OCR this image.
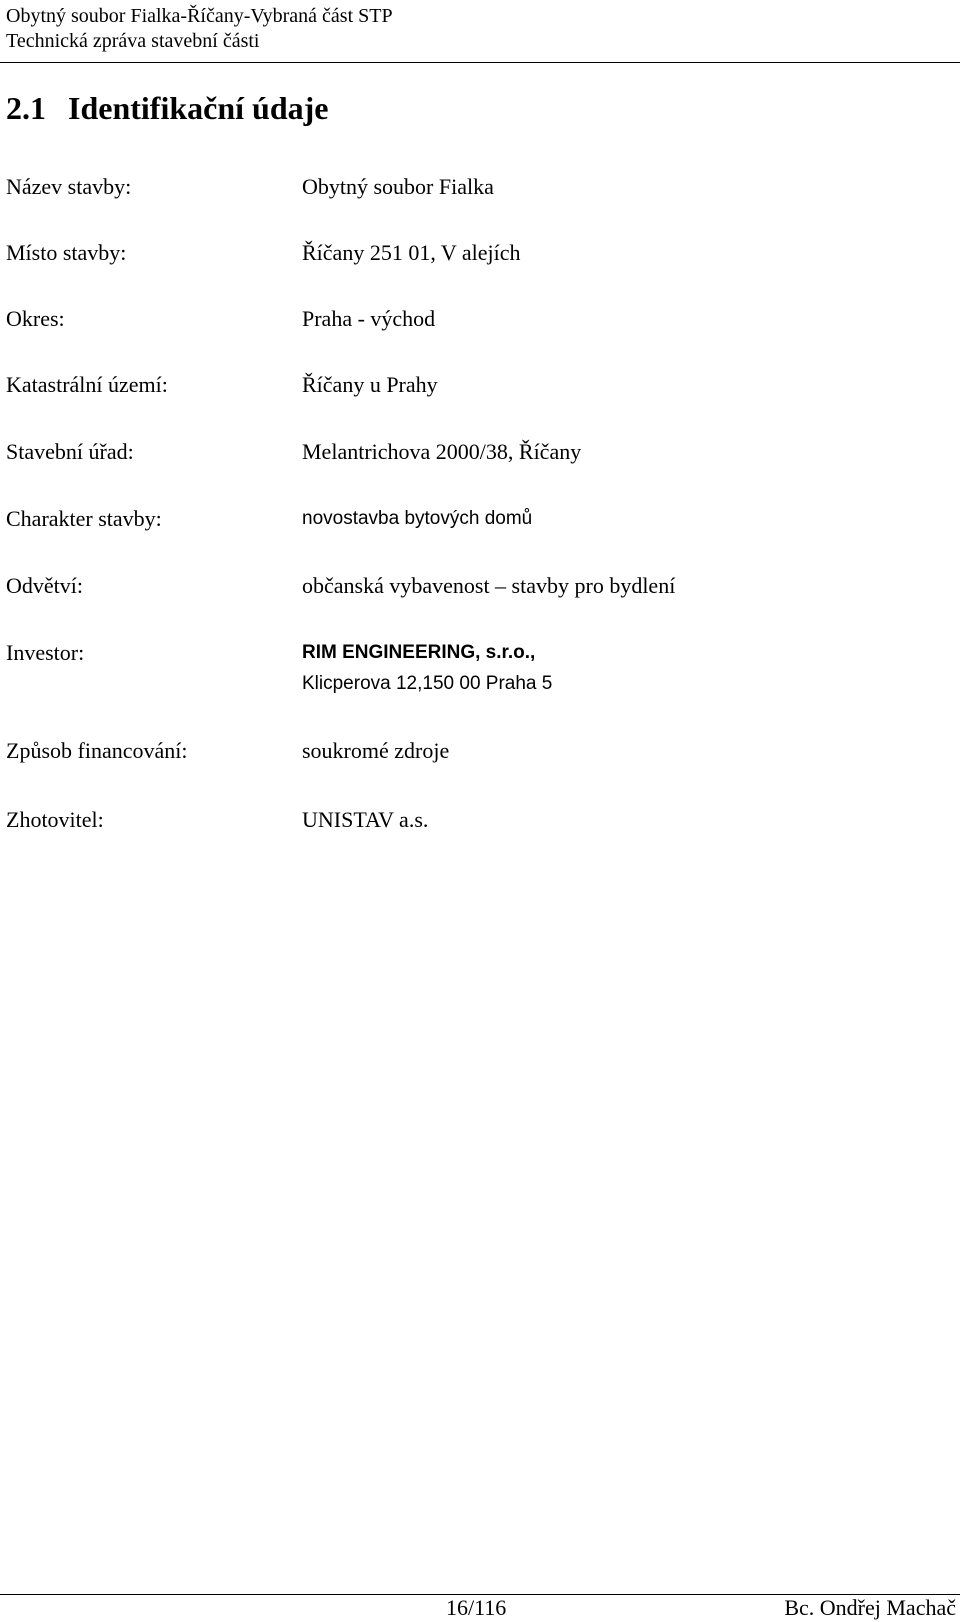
Obytný soubor Fialka-Říčany-Vybraná část STP
Technická zpráva stavební části
2.1 Identifikační údaje
Název stavby:	Obytný soubor Fialka
Místo stavby:	Říčany 251 01, V alejích
Okres:	Praha - východ
Katastrální území:	Říčany u Prahy
Stavební úřad:	Melantrichova 2000/38, Říčany
Charakter stavby:	novostavba bytových domů
Odvětví:	občanská vybavenost – stavby pro bydlení
Investor:	RIM ENGINEERING, s.r.o.,
Klicperova 12,150 00 Praha 5
Způsob financování:	soukromé zdroje
Zhotovitel:	UNISTAV a.s.
16/116	Bc. Ondřej Machač
